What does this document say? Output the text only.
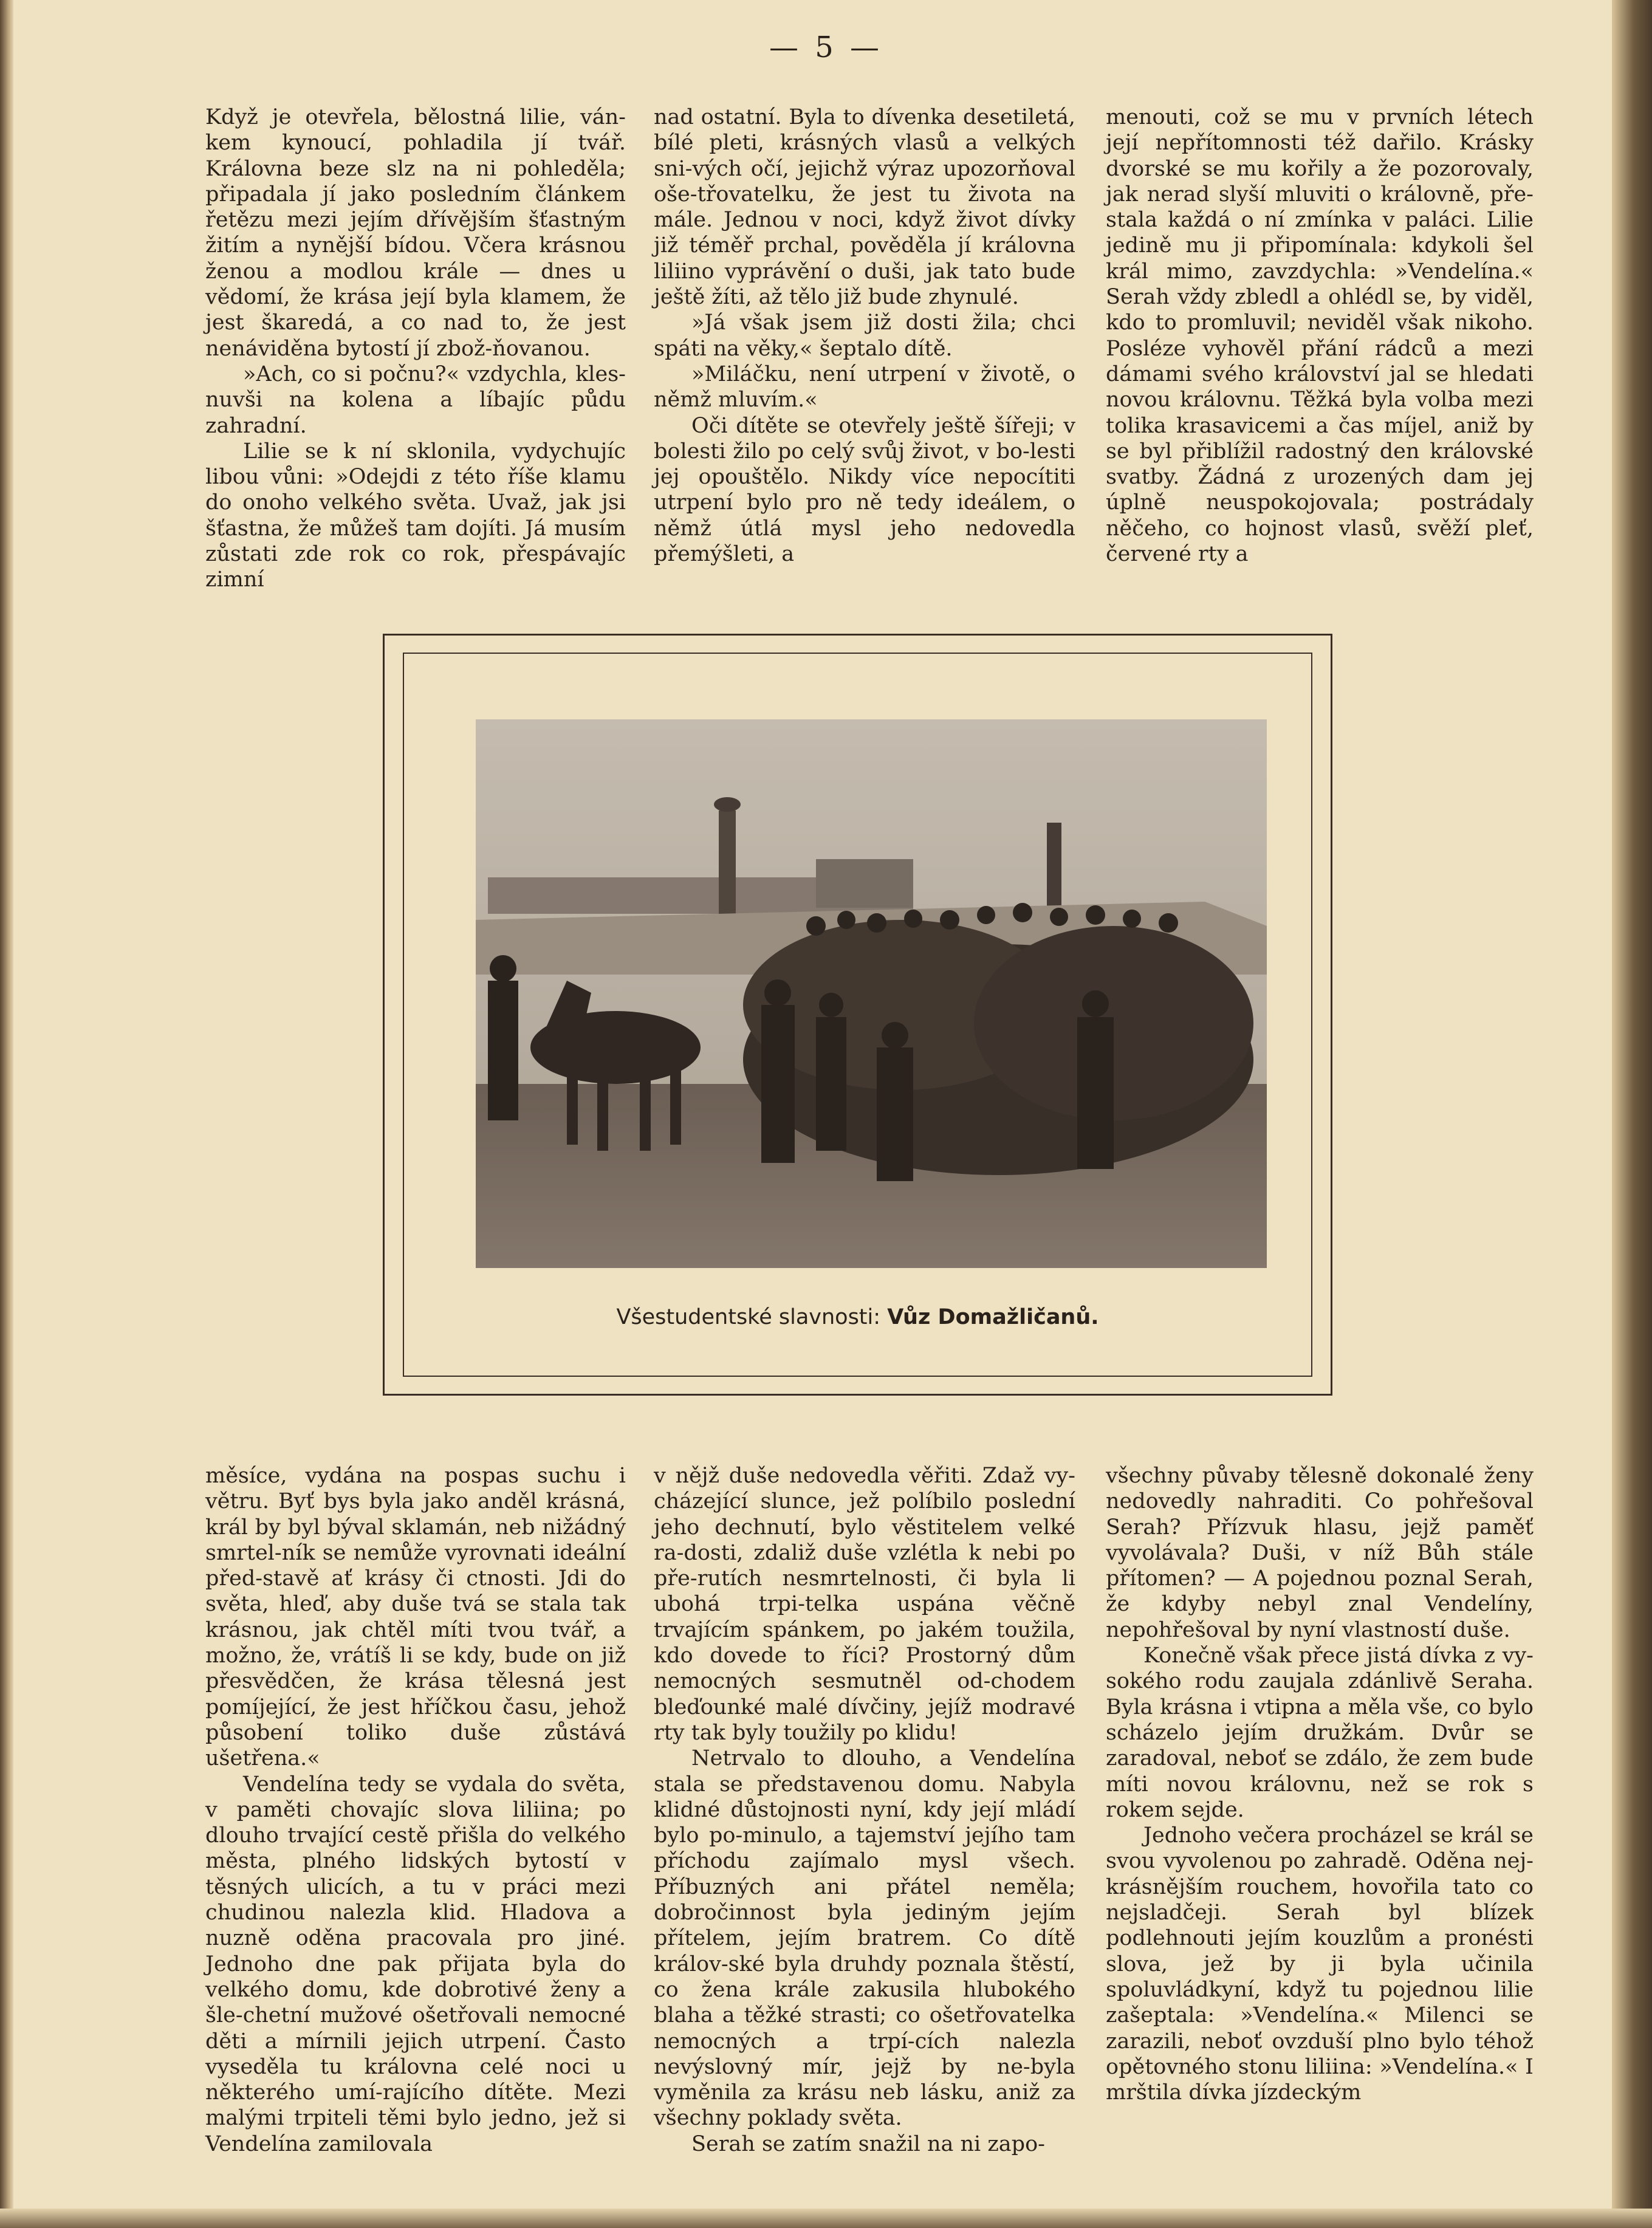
— 5 —

Když je otevřela, bělostná lilie, ván-kem kynoucí, pohladila jí tvář. Královna beze slz na ni pohleděla; připadala jí jako posledním článkem řetězu mezi jejím dřívějším šťastným žitím a nynější bídou. Včera krásnou ženou a modlou krále — dnes u vědomí, že krása její byla klamem, že jest škaredá, a co nad to, že jest nenáviděna bytostí jí zbož-ňovanou.

»Ach, co si počnu?« vzdychla, kles-nuvši na kolena a líbajíc půdu zahradní.

Lilie se k ní sklonila, vydychujíc libou vůni: »Odejdi z této říše klamu do onoho velkého světa. Uvaž, jak jsi šťastna, že můžeš tam dojíti. Já musím zůstati zde rok co rok, přespávajíc zimní

nad ostatní. Byla to dívenka desetiletá, bílé pleti, krásných vlasů a velkých sni-vých očí, jejichž výraz upozorňoval oše-třovatelku, že jest tu života na mále. Jednou v noci, když život dívky již téměř prchal, pověděla jí královna liliino vyprávění o duši, jak tato bude ještě žíti, až tělo již bude zhynulé.

»Já však jsem již dosti žila; chci spáti na věky,« šeptalo dítě.

»Miláčku, není utrpení v životě, o němž mluvím.«

Oči dítěte se otevřely ještě šířeji; v bolesti žilo po celý svůj život, v bo-lesti jej opouštělo. Nikdy více nepocítiti utrpení bylo pro ně tedy ideálem, o němž útlá mysl jeho nedovedla přemýšleti, a

menouti, což se mu v prvních létech její nepřítomnosti též dařilo. Krásky dvorské se mu kořily a že pozorovaly, jak nerad slyší mluviti o královně, pře-stala každá o ní zmínka v paláci. Lilie jedině mu ji připomínala: kdykoli šel král mimo, zavzdychla: »Vendelína.« Serah vždy zbledl a ohlédl se, by viděl, kdo to promluvil; neviděl však nikoho. Posléze vyhověl přání rádců a mezi dámami svého království jal se hledati novou královnu. Těžká byla volba mezi tolika krasavicemi a čas míjel, aniž by se byl přiblížil radostný den královské svatby. Žádná z urozených dam jej úplně neuspokojovala; postrádaly něčeho, co hojnost vlasů, svěží pleť, červené rty a

Všestudentské slavnosti: Vůz Domažličanů.

měsíce, vydána na pospas suchu i větru. Byť bys byla jako anděl krásná, král by byl býval sklamán, neb nižádný smrtel-ník se nemůže vyrovnati ideální před-stavě ať krásy či ctnosti. Jdi do světa, hleď, aby duše tvá se stala tak krásnou, jak chtěl míti tvou tvář, a možno, že, vrátíš li se kdy, bude on již přesvědčen, že krása tělesná jest pomíjející, že jest hříčkou času, jehož působení toliko duše zůstává ušetřena.«

Vendelína tedy se vydala do světa, v paměti chovajíc slova liliina; po dlouho trvající cestě přišla do velkého města, plného lidských bytostí v těsných ulicích, a tu v práci mezi chudinou nalezla klid. Hladova a nuzně oděna pracovala pro jiné. Jednoho dne pak přijata byla do velkého domu, kde dobrotivé ženy a šle-chetní mužové ošetřovali nemocné děti a mírnili jejich utrpení. Často vyseděla tu královna celé noci u některého umí-rajícího dítěte. Mezi malými trpiteli těmi bylo jedno, jež si Vendelína zamilovala

v nějž duše nedovedla věřiti. Zdaž vy-cházející slunce, jež políbilo poslední jeho dechnutí, bylo věstitelem velké ra-dosti, zdaliž duše vzlétla k nebi po pře-rutích nesmrtelnosti, či byla li ubohá trpi-telka uspána věčně trvajícím spánkem, po jakém toužila, kdo dovede to říci? Prostorný dům nemocných sesmutněl od-chodem bleďounké malé dívčiny, jejíž modravé rty tak byly toužily po klidu!

Netrvalo to dlouho, a Vendelína stala se představenou domu. Nabyla klidné důstojnosti nyní, kdy její mládí bylo po-minulo, a tajemství jejího tam příchodu zajímalo mysl všech. Příbuzných ani přátel neměla; dobročinnost byla jediným jejím přítelem, jejím bratrem. Co dítě králov-ské byla druhdy poznala štěstí, co žena krále zakusila hlubokého blaha a těžké strasti; co ošetřovatelka nemocných a trpí-cích nalezla nevýslovný mír, jejž by ne-byla vyměnila za krásu neb lásku, aniž za všechny poklady světa.

Serah se zatím snažil na ni zapo-

všechny půvaby tělesně dokonalé ženy nedovedly nahraditi. Co pohřešoval Serah? Přízvuk hlasu, jejž paměť vyvolávala? Duši, v níž Bůh stále přítomen? — A pojednou poznal Serah, že kdyby nebyl znal Vendelíny, nepohřešoval by nyní vlastností duše.

Konečně však přece jistá dívka z vy-sokého rodu zaujala zdánlivě Seraha. Byla krásna i vtipna a měla vše, co bylo scházelo jejím družkám. Dvůr se zaradoval, neboť se zdálo, že zem bude míti novou královnu, než se rok s rokem sejde.

Jednoho večera procházel se král se svou vyvolenou po zahradě. Oděna nej-krásnějším rouchem, hovořila tato co nejsladčeji. Serah byl blízek podlehnouti jejím kouzlům a pronésti slova, jež by ji byla učinila spoluvládkyní, když tu pojednou lilie zašeptala: »Vendelína.« Milenci se zarazili, neboť ovzduší plno bylo téhož opětovného stonu liliina: »Vendelína.« I mrštila dívka jízdeckým
